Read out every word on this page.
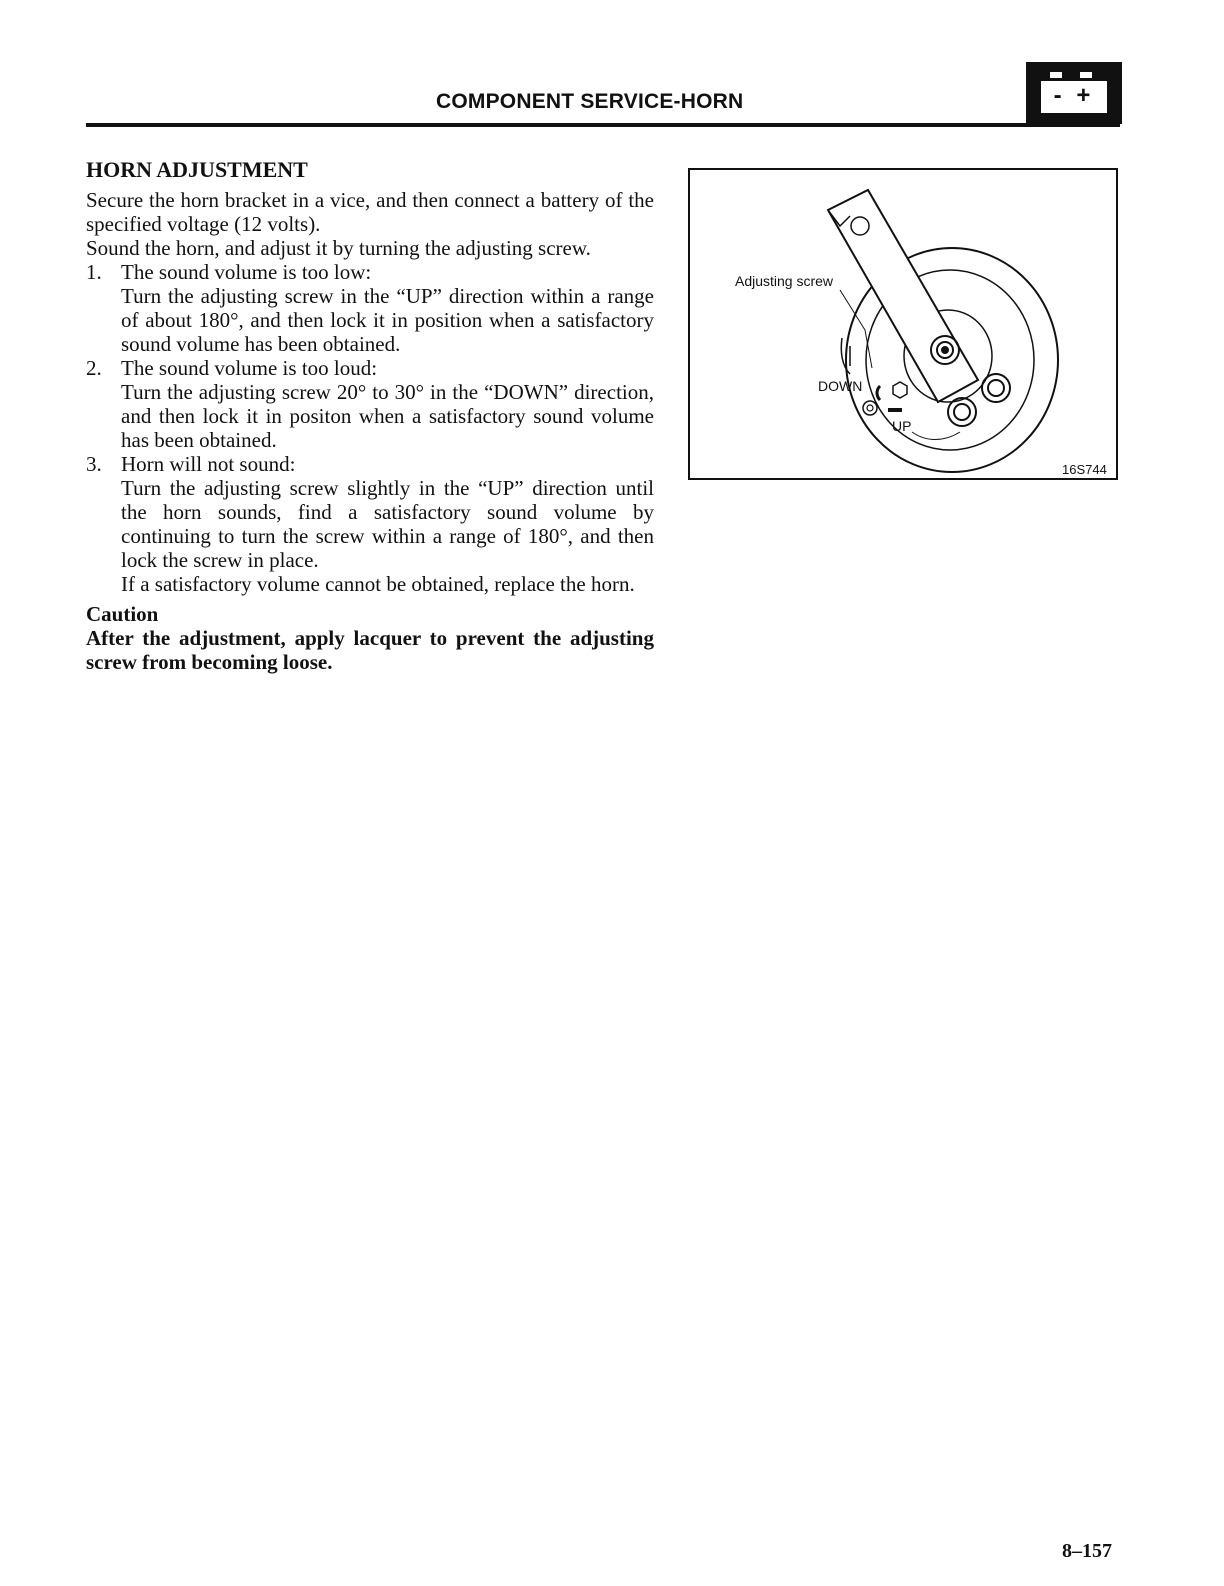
COMPONENT SERVICE-HORN	- +
HORN ADJUSTMENT

Secure the horn bracket in a vice, and then connect a battery of the specified voltage (12 volts).

Sound the horn, and adjust it by turning the adjusting screw.

1. The sound volume is too low:
Turn the adjusting screw in the “UP” direction within a range of about 180°, and then lock it in position when a satisfactory sound volume has been obtained.
2. The sound volume is too loud:
Turn the adjusting screw 20° to 30° in the “DOWN” direction, and then lock it in positon when a satisfactory sound volume has been obtained.
3. Horn will not sound:
Turn the adjusting screw slightly in the “UP” direction until the horn sounds, find a satisfactory sound volume by continuing to turn the screw within a range of 180°, and then lock the screw in place.
If a satisfactory volume cannot be obtained, replace the horn.
Caution
After the adjustment, apply lacquer to prevent the adjusting screw from becoming loose.
Adjusting screw
DOWN
UP
16S744
8–157
